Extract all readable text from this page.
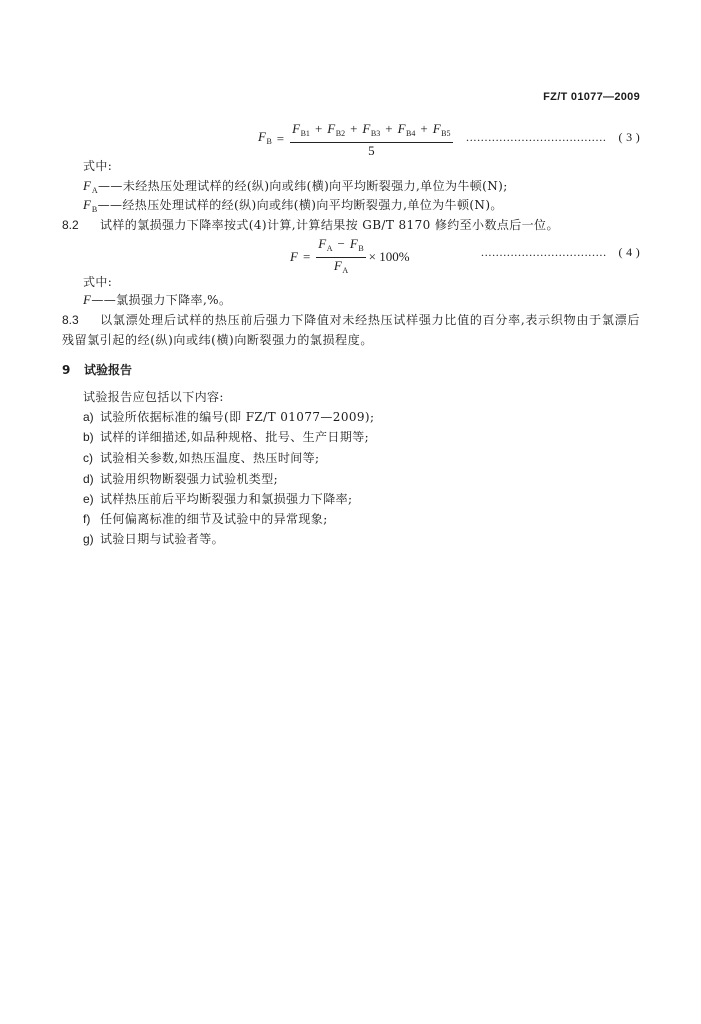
FZ/T 01077—2009
$F_B = \frac{F_{B1} + F_{B2} + F_{B3} + F_{B4} + F_{B5}}{5}$ ...................................... ( 3 )
式中:
$F_A——$未经热压处理试样的经(纵)向或纬(横)向平均断裂强力,单位为牛顿(N);
$F_B——$经热压处理试样的经(纵)向或纬(横)向平均断裂强力,单位为牛顿(N)。
8.2 试样的氯损强力下降率按式(4)计算,计算结果按 GB/T 8170 修约至小数点后一位。
$F = \frac{F_A - F_B}{F_A} \times 100\%$	.................................. ( 4 )
式中:
F——氯损强力下降率,%。

8.3 以氯漂处理后试样的热压前后强力下降值对未经热压试样强力比值的百分率,表示织物由于氯漂后残留氯引起的经(纵)向或纬(横)向断裂强力的氯损程度。

9 试验报告
试验报告应包括以下内容:
a) 试验所依据标准的编号(即 FZ/T 01077—2009);
b) 试样的详细描述,如品种规格、批号、生产日期等;
c) 试验相关参数,如热压温度、热压时间等;
d) 试验用织物断裂强力试验机类型;
e) 试样热压前后平均断裂强力和氯损强力下降率;
f) 任何偏离标准的细节及试验中的异常现象;
g) 试验日期与试验者等。
